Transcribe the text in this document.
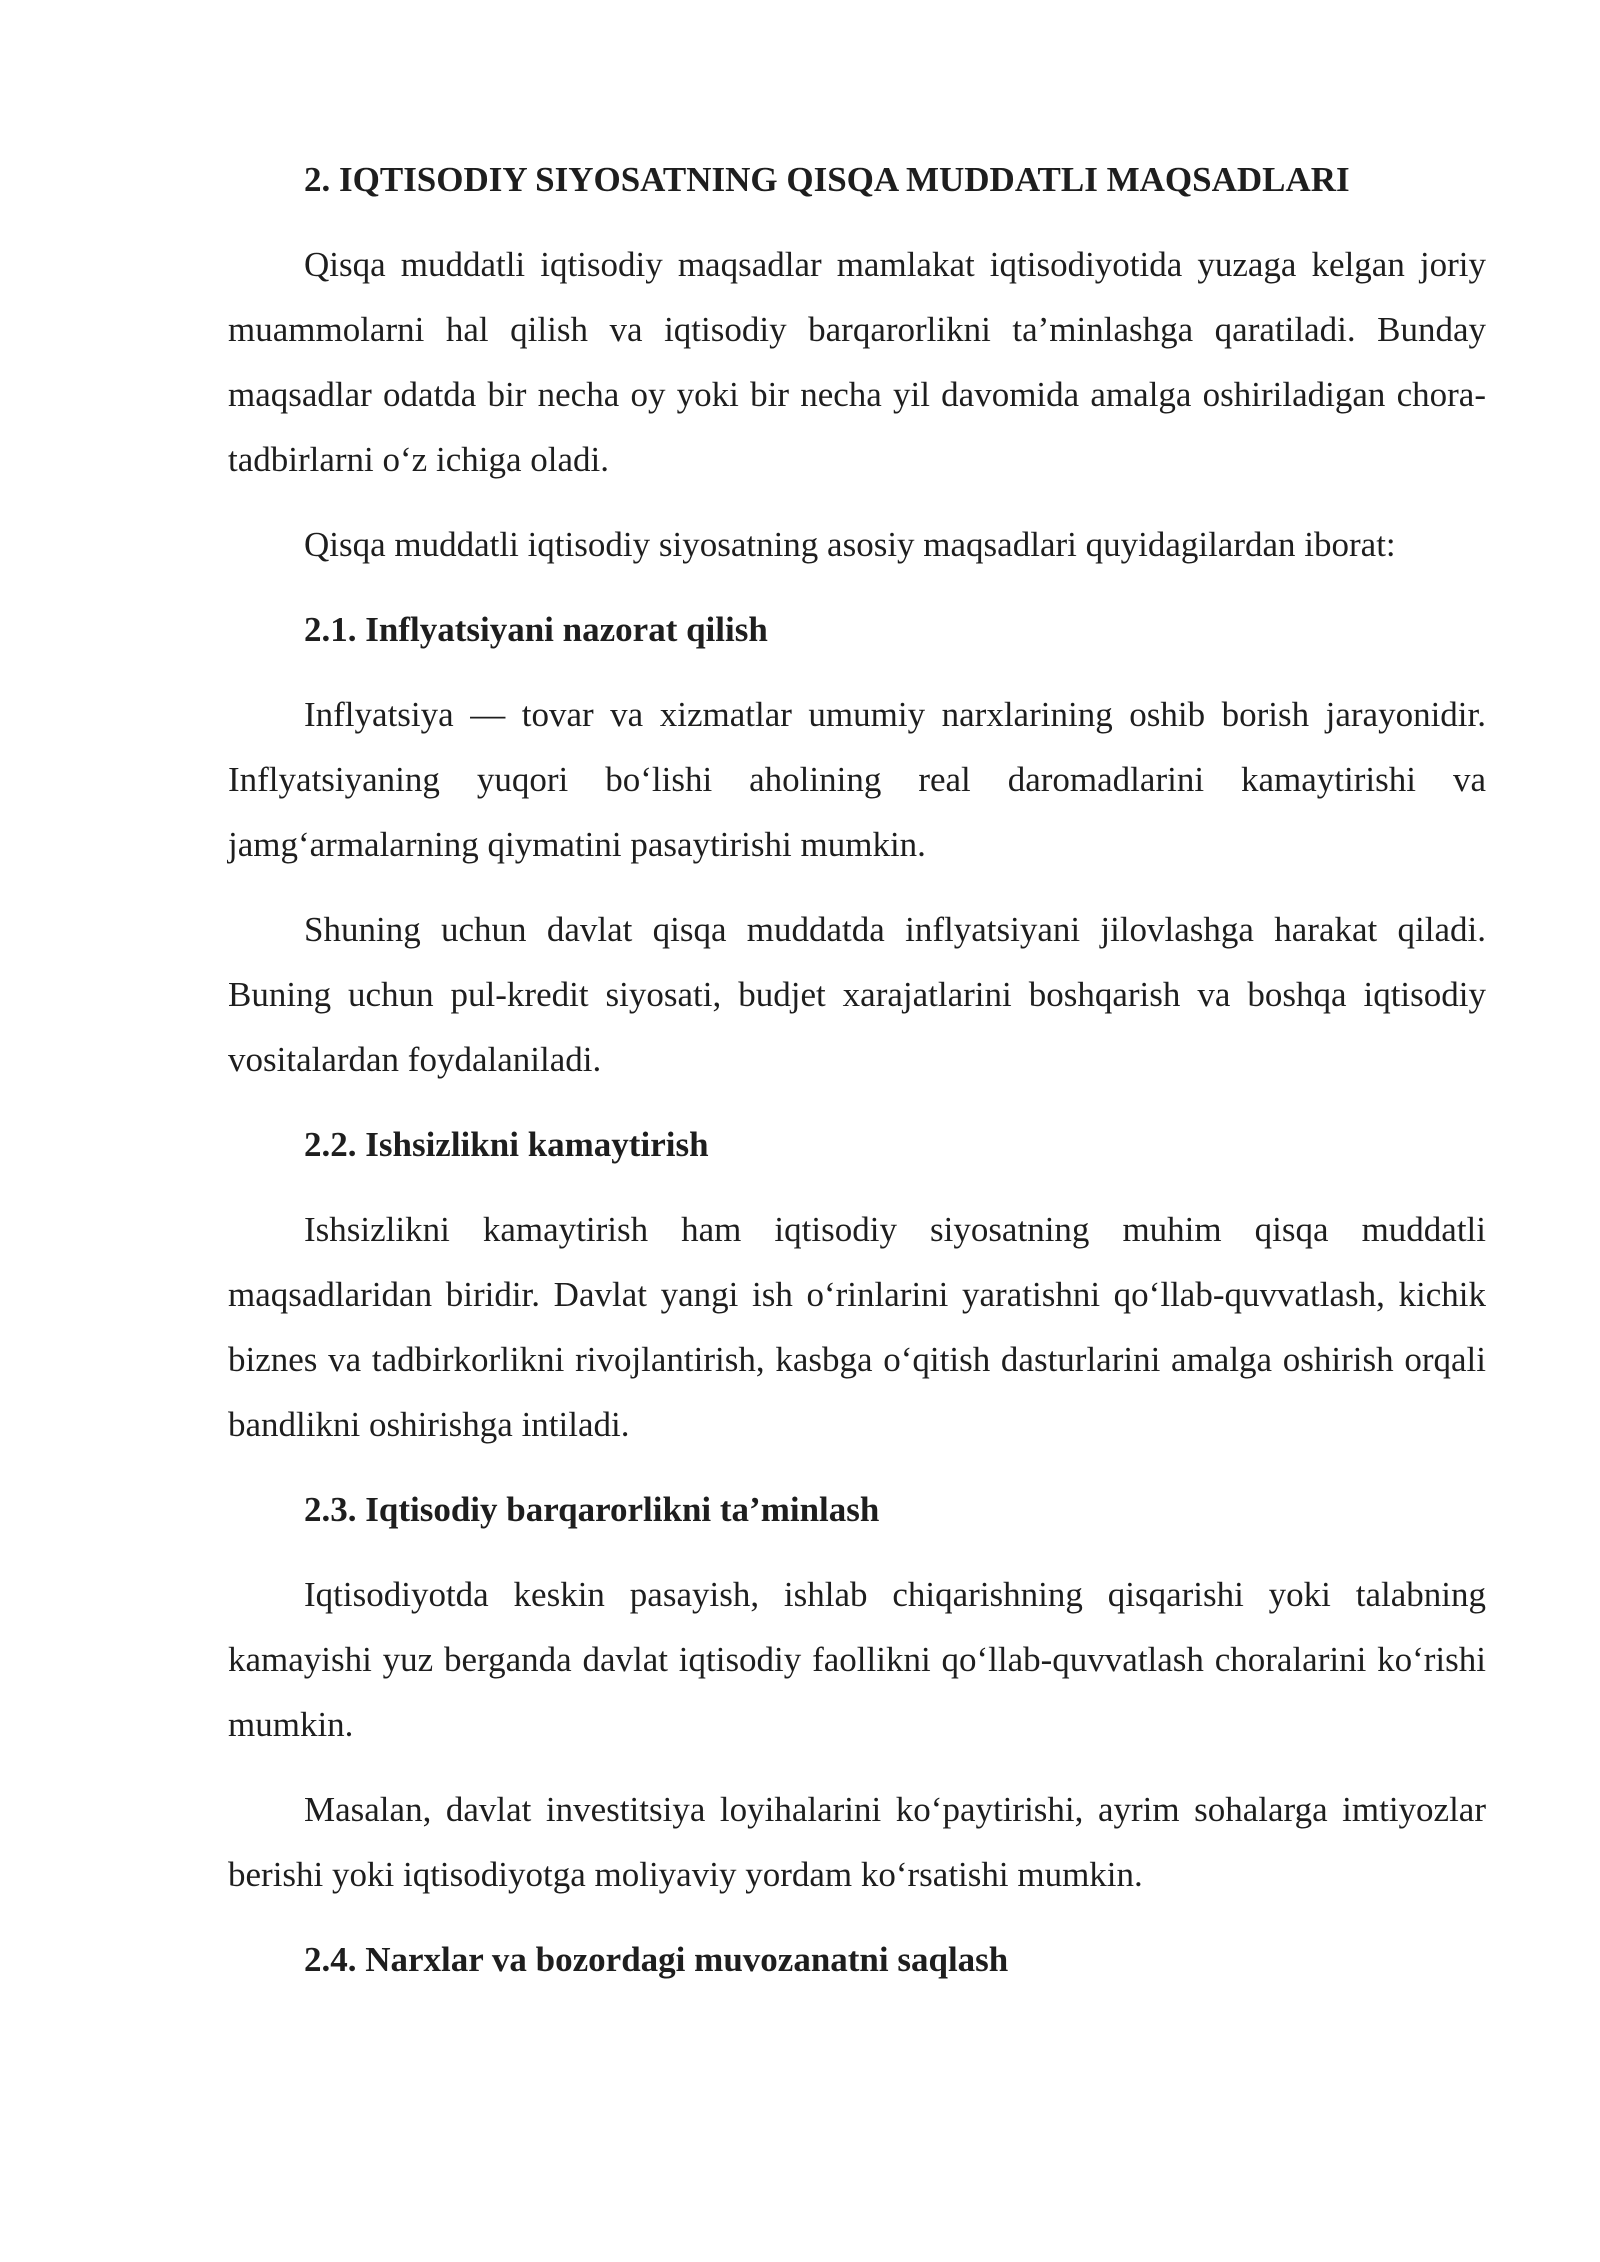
2. IQTISODIY SIYOSATNING QISQA MUDDATLI MAQSADLARI

Qisqa muddatli iqtisodiy maqsadlar mamlakat iqtisodiyotida yuzaga kelgan joriy muammolarni hal qilish va iqtisodiy barqarorlikni ta’minlashga qaratiladi. Bunday maqsadlar odatda bir necha oy yoki bir necha yil davomida amalga oshiriladigan chora-tadbirlarni o‘z ichiga oladi.

Qisqa muddatli iqtisodiy siyosatning asosiy maqsadlari quyidagilardan iborat:

2.1. Inflyatsiyani nazorat qilish

Inflyatsiya — tovar va xizmatlar umumiy narxlarining oshib borish jarayonidir. Inflyatsiyaning yuqori bo‘lishi aholining real daromadlarini kamaytirishi va jamg‘armalarning qiymatini pasaytirishi mumkin.

Shuning uchun davlat qisqa muddatda inflyatsiyani jilovlashga harakat qiladi. Buning uchun pul-kredit siyosati, budjet xarajatlarini boshqarish va boshqa iqtisodiy vositalardan foydalaniladi.

2.2. Ishsizlikni kamaytirish

Ishsizlikni kamaytirish ham iqtisodiy siyosatning muhim qisqa muddatli maqsadlaridan biridir. Davlat yangi ish o‘rinlarini yaratishni qo‘llab-quvvatlash, kichik biznes va tadbirkorlikni rivojlantirish, kasbga o‘qitish dasturlarini amalga oshirish orqali bandlikni oshirishga intiladi.

2.3. Iqtisodiy barqarorlikni ta’minlash

Iqtisodiyotda keskin pasayish, ishlab chiqarishning qisqarishi yoki talabning kamayishi yuz berganda davlat iqtisodiy faollikni qo‘llab-quvvatlash choralarini ko‘rishi mumkin.

Masalan, davlat investitsiya loyihalarini ko‘paytirishi, ayrim sohalarga imtiyozlar berishi yoki iqtisodiyotga moliyaviy yordam ko‘rsatishi mumkin.

2.4. Narxlar va bozordagi muvozanatni saqlash
